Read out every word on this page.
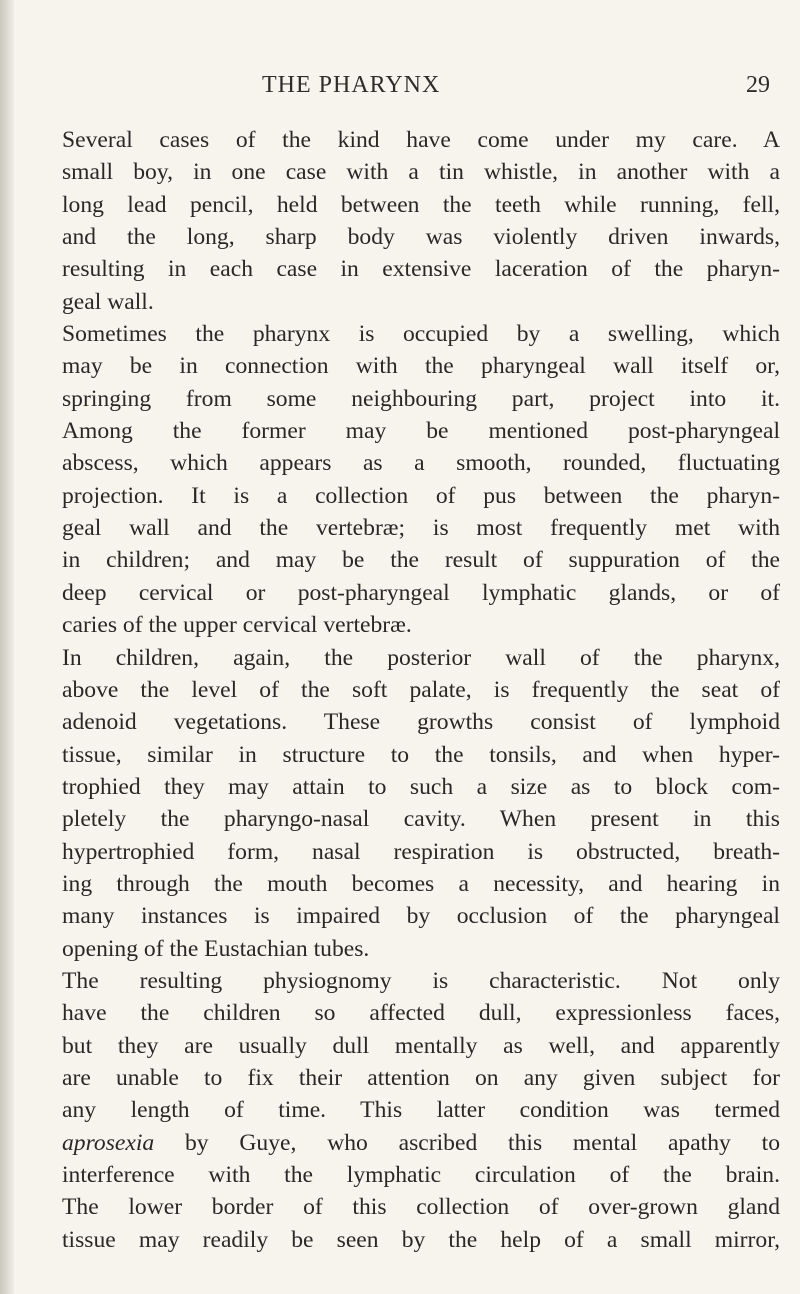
THE PHARYNX	29
Several cases of the kind have come under my care. A
small boy, in one case with a tin whistle, in another with a
long lead pencil, held between the teeth while running, fell,
and the long, sharp body was violently driven inwards,
resulting in each case in extensive laceration of the pharyn-
geal wall.
Sometimes the pharynx is occupied by a swelling, which
may be in connection with the pharyngeal wall itself or,
springing from some neighbouring part, project into it.
Among the former may be mentioned post-pharyngeal
abscess, which appears as a smooth, rounded, fluctuating
projection. It is a collection of pus between the pharyn-
geal wall and the vertebræ; is most frequently met with
in children; and may be the result of suppuration of the
deep cervical or post-pharyngeal lymphatic glands, or of
caries of the upper cervical vertebræ.
In children, again, the posterior wall of the pharynx,
above the level of the soft palate, is frequently the seat of
adenoid vegetations. These growths consist of lymphoid
tissue, similar in structure to the tonsils, and when hyper-
trophied they may attain to such a size as to block com-
pletely the pharyngo-nasal cavity. When present in this
hypertrophied form, nasal respiration is obstructed, breath-
ing through the mouth becomes a necessity, and hearing in
many instances is impaired by occlusion of the pharyngeal
opening of the Eustachian tubes.
The resulting physiognomy is characteristic. Not only
have the children so affected dull, expressionless faces,
but they are usually dull mentally as well, and apparently
are unable to fix their attention on any given subject for
any length of time. This latter condition was termed
aprosexia by Guye, who ascribed this mental apathy to
interference with the lymphatic circulation of the brain.
The lower border of this collection of over-grown gland
tissue may readily be seen by the help of a small mirror,
